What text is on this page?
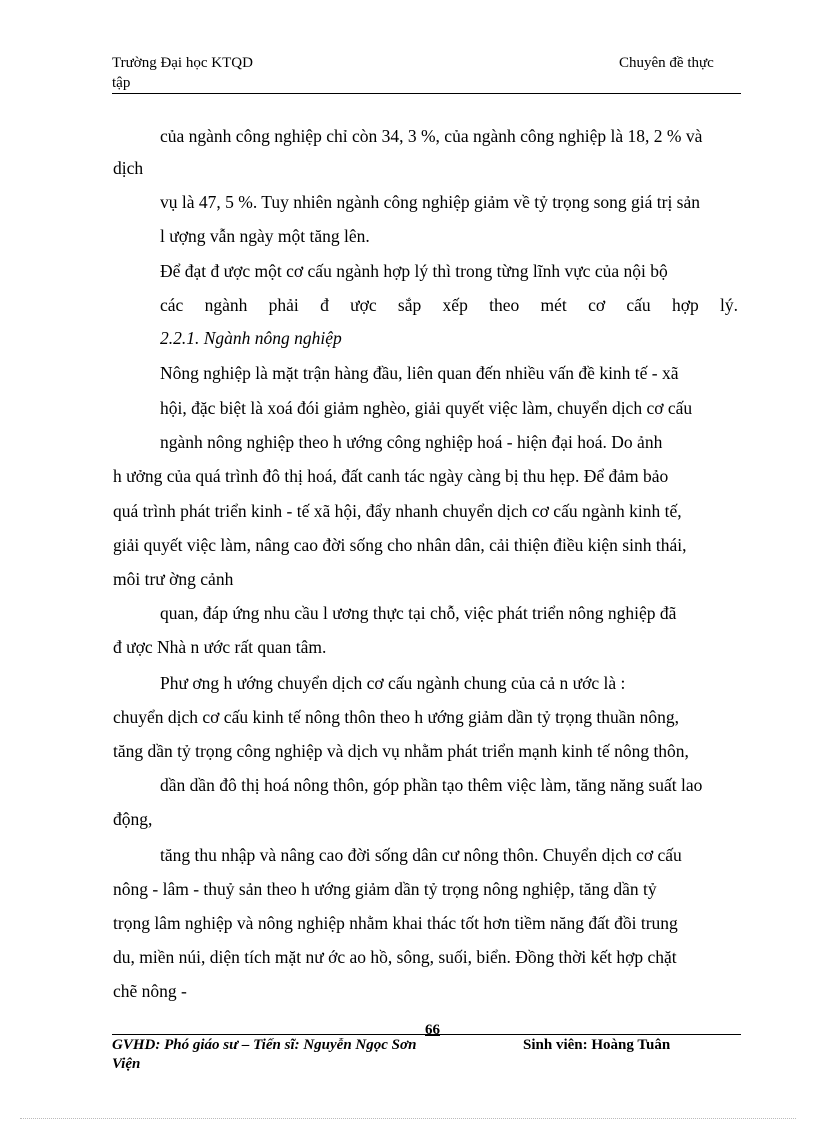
Trường Đại học KTQD
tập
Chuyên đề thực
của ngành công nghiệp chỉ còn 34, 3 %, của ngành công nghiệp là 18, 2 % và
dịch
vụ là 47, 5 %. Tuy nhiên ngành công nghiệp giảm về tỷ trọng song giá trị sản
l ượng vẫn ngày một tăng lên.
Để đạt đ ược một cơ cấu ngành hợp lý thì trong từng lĩnh vực của nội bộ
các ngành phải đ ược sắp xếp theo mét cơ cấu hợp lý.
2.2.1. Ngành nông nghiệp
Nông nghiệp là mặt trận hàng đầu, liên quan đến nhiều vấn đề kinh tế - xã
hội, đặc biệt là xoá đói giảm nghèo, giải quyết việc làm, chuyển dịch cơ cấu
ngành nông nghiệp theo h ướng công nghiệp hoá - hiện đại hoá. Do ảnh
h ưởng của quá trình đô thị hoá, đất canh tác ngày càng bị thu hẹp. Để đảm bảo
quá trình phát triển kinh - tế xã hội, đẩy nhanh chuyển dịch cơ cấu ngành kinh tế,
giải quyết việc làm, nâng cao đời sống cho nhân dân, cải thiện điều kiện sinh thái,
môi trư ờng cảnh
quan, đáp ứng nhu cầu l ương thực tại chỗ, việc phát triển nông nghiệp đã
đ ược Nhà n ước rất quan tâm.
Phư ơng h ướng chuyển dịch cơ cấu ngành chung của cả n ước là :
chuyển dịch cơ cấu kinh tế nông thôn theo h ướng giảm dần tỷ trọng thuần nông,
tăng dần tỷ trọng công nghiệp và dịch vụ nhằm phát triển mạnh kinh tế nông thôn,
dần dần đô thị hoá nông thôn, góp phần tạo thêm việc làm, tăng năng suất lao
động,
tăng thu nhập và nâng cao đời sống dân cư nông thôn. Chuyển dịch cơ cấu
nông - lâm - thuỷ sản theo h ướng giảm dần tỷ trọng nông nghiệp, tăng dần tỷ
trọng lâm nghiệp và nông nghiệp nhằm khai thác tốt hơn tiềm năng đất đồi trung
du, miền núi, diện tích mặt nư ớc ao hồ, sông, suối, biển. Đồng thời kết hợp chặt
chẽ nông -
66
GVHD: Phó giáo sư – Tiến sĩ: Nguyễn Ngọc Sơn
Viện
Sinh viên: Hoàng Tuân
